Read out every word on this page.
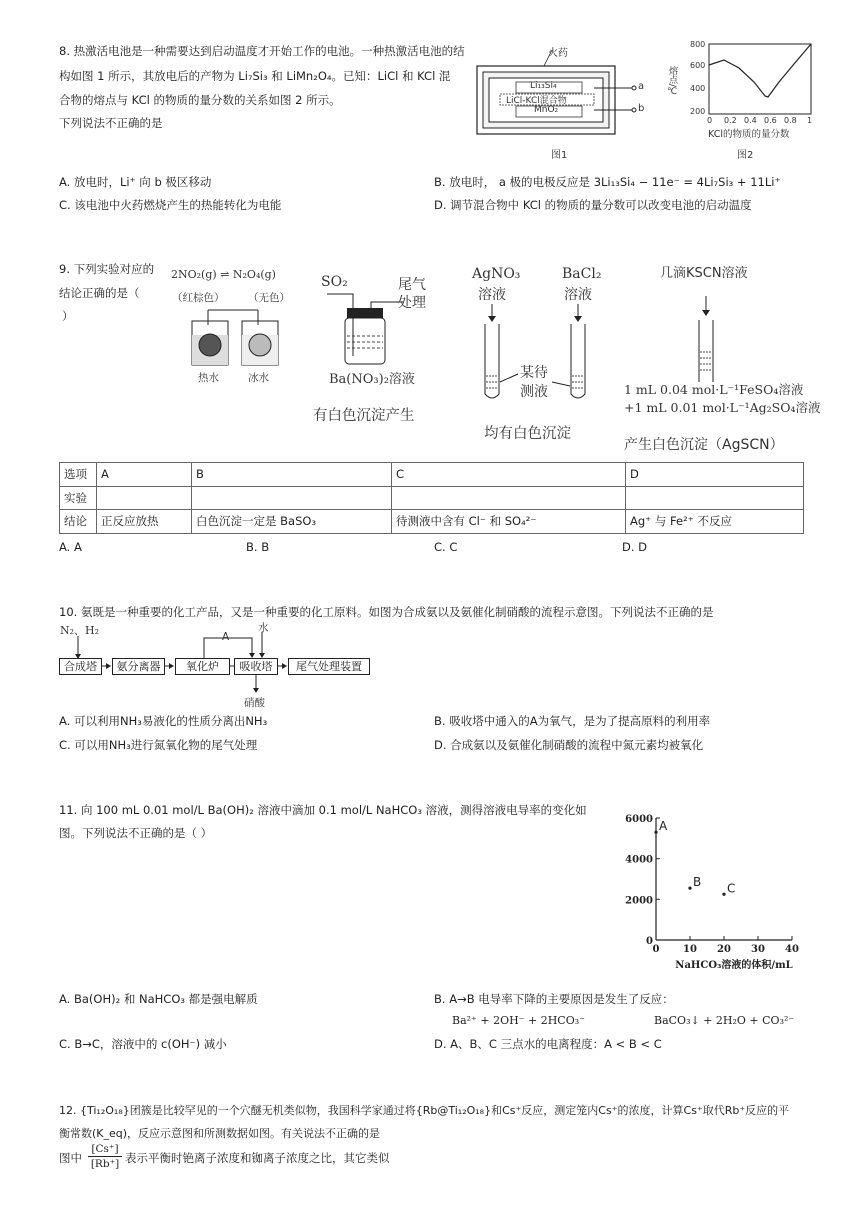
8. 热激活电池是一种需要达到启动温度才开始工作的电池。一种热激活电池的结
构如图 1 所示，其放电后的产物为 Li₇Si₃ 和 LiMn₂O₄。已知：LiCl 和 KCl 混
合物的熔点与 KCl 的物质的量分数的关系如图 2 所示。
下列说法不正确的是
火药
Li₁₃Si₄
LiCl-KCl混合物
MnO₂
a
b
图1
800
600
400
200
熔点/℃
0 0.2 0.4 0.6 0.8 1
KCl的物质的量分数
图2
A. 放电时，Li⁺ 向 b 极区移动	B. 放电时， a 极的电极反应是 3Li₁₃Si₄ − 11e⁻ = 4Li₇Si₃ + 11Li⁺
C. 该电池中火药燃烧产生的热能转化为电能	D. 调节混合物中 KCl 的物质的量分数可以改变电池的启动温度
9. 下列实验对应的
结论正确的是（
）
2NO₂(g) ⇌ N₂O₄(g)
（红棕色） （无色）
热水	冰水
SO₂	尾气
处理
Ba(NO₃)₂溶液
有白色沉淀产生
AgNO₃
溶液
BaCl₂
溶液
某待
测液
均有白色沉淀
几滴KSCN溶液
1 mL 0.04 mol·L⁻¹FeSO₄溶液
+1 mL 0.01 mol·L⁻¹Ag₂SO₄溶液
产生白色沉淀（AgSCN）
选项	A	B	C	D
实验				
结论	正反应放热	白色沉淀一定是 BaSO₃	待测液中含有 Cl⁻ 和 SO₄²⁻	Ag⁺ 与 Fe²⁺ 不反应
A. A	B. B	C. C	D. D
10. 氨既是一种重要的化工产品，又是一种重要的化工原料。如图为合成氨以及氨催化制硝酸的流程示意图。下列说法不正确的是
N₂、H₂
合成塔	氨分离器	氧化炉	吸收塔	尾气处理装置
A
水
硝酸
A. 可以利用NH₃易液化的性质分离出NH₃	B. 吸收塔中通入的A为氧气，是为了提高原料的利用率
C. 可以用NH₃进行氮氧化物的尾气处理	D. 合成氨以及氨催化制硝酸的流程中氮元素均被氧化
11. 向 100 mL 0.01 mol/L Ba(OH)₂ 溶液中滴加 0.1 mol/L NaHCO₃ 溶液，测得溶液电导率的变化如
图。下列说法不正确的是（ ）
0
2000
4000
6000
0 10 20 30 40
A
B C
NaHCO₃溶液的体积/mL
A. Ba(OH)₂ 和 NaHCO₃ 都是强电解质	B. A→B 电导率下降的主要原因是发生了反应：
Ba²⁺ + 2OH⁻ + 2HCO₃⁻	BaCO₃↓ + 2H₂O + CO₃²⁻
C. B→C，溶液中的 c(OH⁻) 减小	D. A、B、C 三点水的电离程度：A < B < C
12. {Ti₁₂O₁₈}团簇是比较罕见的一个穴醚无机类似物，我国科学家通过将{Rb@Ti₁₂O₁₈}和Cs⁺反应，测定笼内Cs⁺的浓度，计算Cs⁺取代Rb⁺反应的平
衡常数(K_eq)，反应示意图和所测数据如图。有关说法不正确的是
图中 $\frac{[Cs^+]}{[Rb^+]}$ 表示平衡时铯离子浓度和铷离子浓度之比，其它类似
